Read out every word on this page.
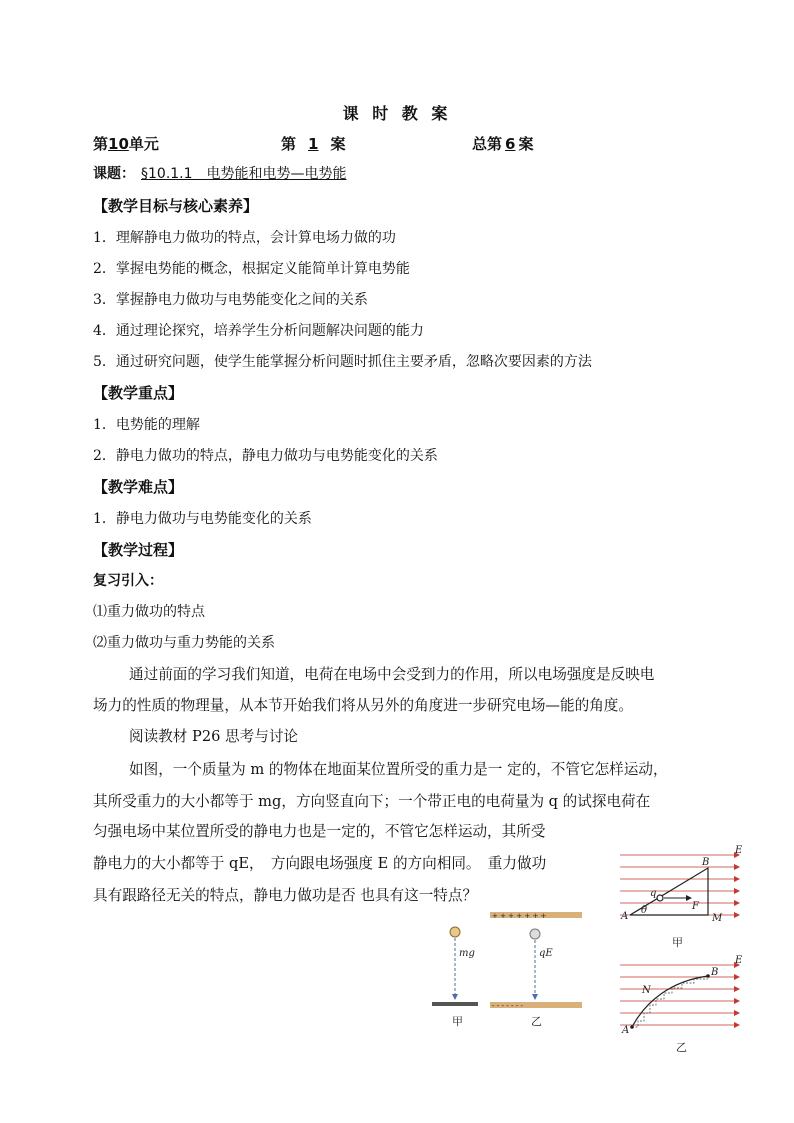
课 时 教 案
第10单元	第 1 案	总第 6 案
课题： §10.1.1　电势能和电势—电势能
【教学目标与核心素养】
1．理解静电力做功的特点，会计算电场力做的功
2．掌握电势能的概念，根据定义能简单计算电势能
3．掌握静电力做功与电势能变化之间的关系
4．通过理论探究，培养学生分析问题解决问题的能力
5．通过研究问题，使学生能掌握分析问题时抓住主要矛盾，忽略次要因素的方法
【教学重点】
1．电势能的理解
2．静电力做功的特点，静电力做功与电势能变化的关系
【教学难点】
1．静电力做功与电势能变化的关系
【教学过程】
复习引入：
⑴重力做功的特点
⑵重力做功与重力势能的关系
通过前面的学习我们知道，电荷在电场中会受到力的作用，所以电场强度是反映电
场力的性质的物理量，从本节开始我们将从另外的角度进一步研究电场—能的角度。
阅读教材 P26 思考与讨论
如图，一个质量为 m 的物体在地面某位置所受的重力是一 定的，不管它怎样运动，
其所受重力的大小都等于 mg，方向竖直向下；一个带正电的电荷量为 q 的试探电荷在
匀强电场中某位置所受的静电力也是一定的，不管它怎样运动，其所受
静电力的大小都等于 qE，　方向跟电场强度 E 的方向相同。　重力做功
具有跟路径无关的特点，静电力做功是否 也具有这一特点？
mg
甲
+ + + + + + +
qE
- - - - - - -
乙
E
B
A	M
q
F
θ
甲
E
B
A
N
乙
